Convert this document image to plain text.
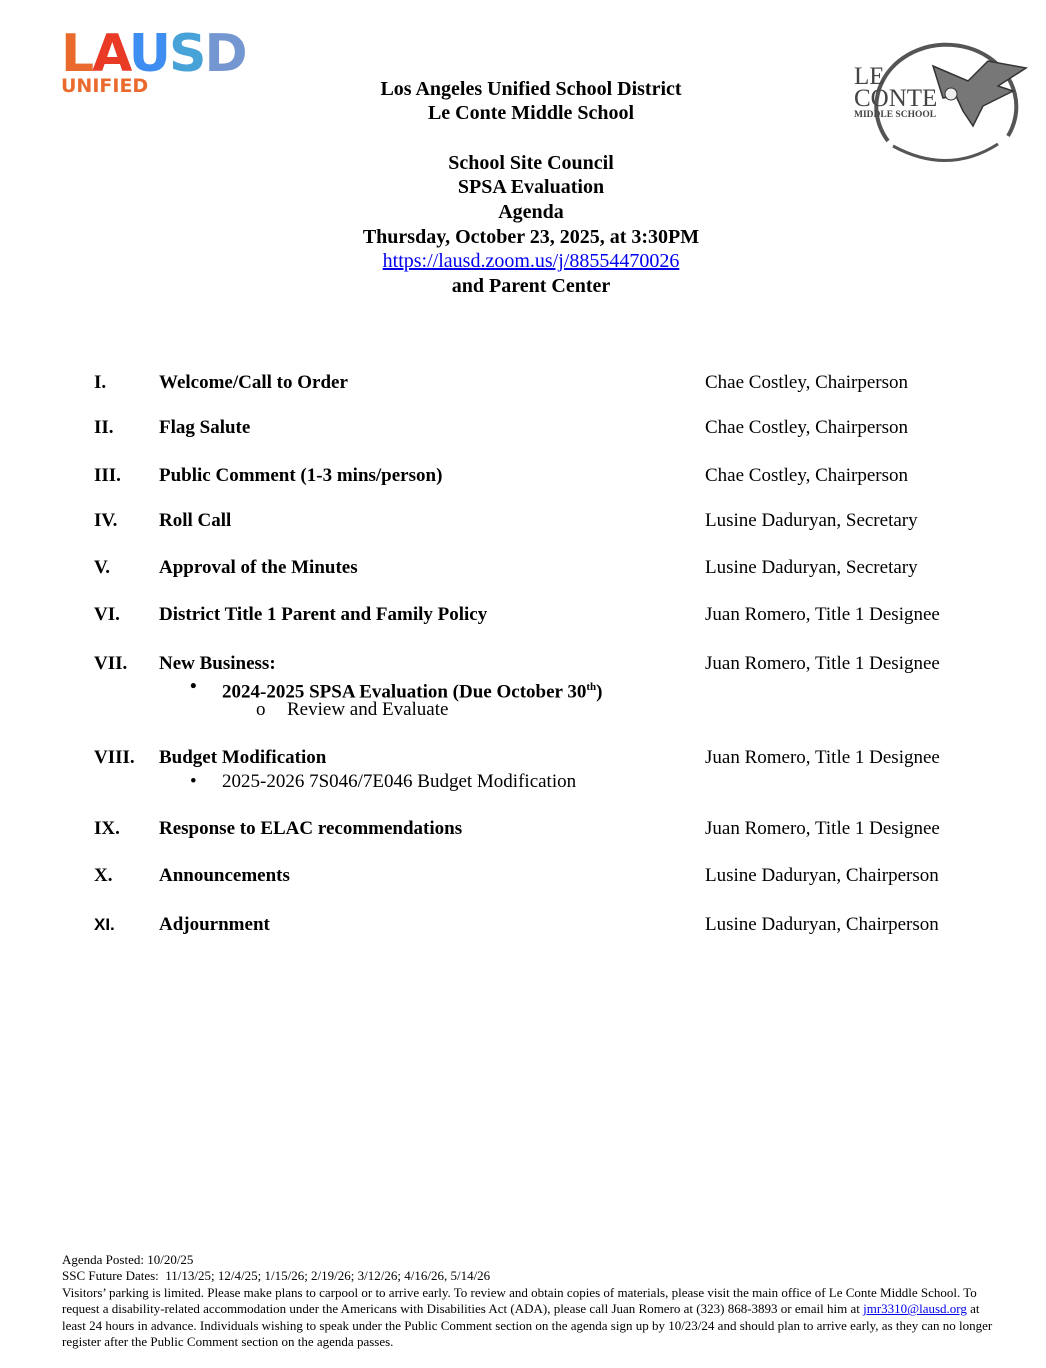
LAUSD
UNIFIED	LE
CONTE
MIDDLE SCHOOL
Los Angeles Unified School District
Le Conte Middle School
School Site Council
SPSA Evaluation
Agenda
Thursday, October 23, 2025, at 3:30PM
https://lausd.zoom.us/j/88554470026
and Parent Center
I.	Welcome/Call to Order	Chae Costley, Chairperson
II. Flag Salute	Chae Costley, Chairperson
III. Public Comment (1-3 mins/person)	Chae Costley, Chairperson
IV. Roll Call	Lusine Daduryan, Secretary
V.	Approval of the Minutes	Lusine Daduryan, Secretary
VI. District Title 1 Parent and Family Policy	Juan Romero, Title 1 Designee
VII. New Business:	Juan Romero, Title 1 Designee
• 2024-2025 SPSA Evaluation (Due October 30th)
o Review and Evaluate
VIII. Budget Modification	Juan Romero, Title 1 Designee
• 2025-2026 7S046/7E046 Budget Modification
IX. Response to ELAC recommendations	Juan Romero, Title 1 Designee
X. Announcements	Lusine Daduryan, Chairperson
XI. Adjournment	Lusine Daduryan, Chairperson
Agenda Posted: 10/20/25
SSC Future Dates:  11/13/25; 12/4/25; 1/15/26; 2/19/26; 3/12/26; 4/16/26, 5/14/26
Visitors’ parking is limited. Please make plans to carpool or to arrive early. To review and obtain copies of materials, please visit the main office of Le Conte Middle School. To request a disability-related accommodation under the Americans with Disabilities Act (ADA), please call Juan Romero at (323) 868-3893 or email him at jmr3310@lausd.org at least 24 hours in advance. Individuals wishing to speak under the Public Comment section on the agenda sign up by 10/23/24 and should plan to arrive early, as they can no longer register after the Public Comment section on the agenda passes.
